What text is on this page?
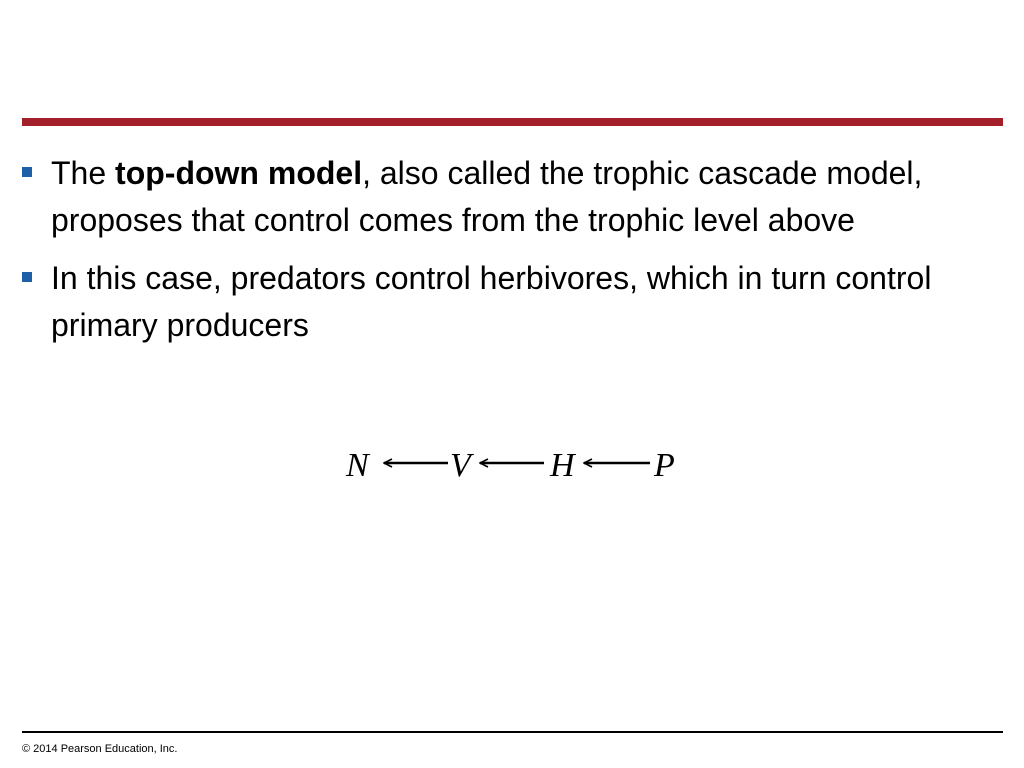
The top-down model, also called the trophic cascade model, proposes that control comes from the trophic level above
In this case, predators control herbivores, which in turn control primary producers
N V H P
© 2014 Pearson Education, Inc.
